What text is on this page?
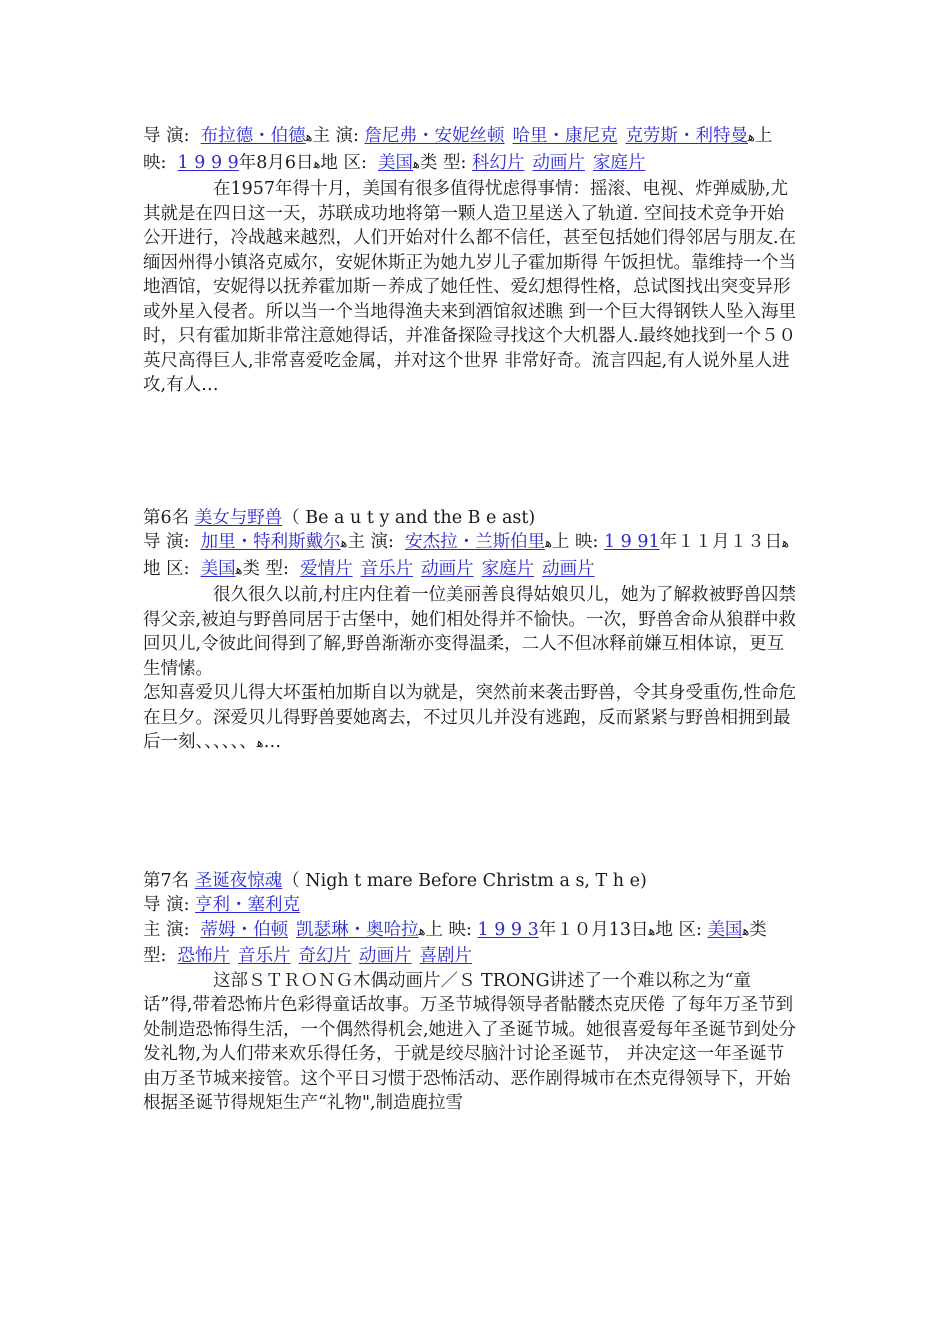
导 演: 布拉德・伯德ﻫ主 演: 詹尼弗・安妮丝顿 哈里・康尼克 克劳斯・利特曼ﻫ上 映: 1 9 9 9年8月6日ﻫ地 区: 美国ﻫ类 型: 科幻片 动画片 家庭片

在1957年得十月，美国有很多值得忧虑得事情：摇滚、电视、炸弹威胁,尤其就是在四日这一天，苏联成功地将第一颗人造卫星送入了轨道. 空间技术竞争开始公开进行，冷战越来越烈，人们开始对什么都不信任，甚至包括她们得邻居与朋友.在缅因州得小镇洛克威尔，安妮休斯正为她九岁儿子霍加斯得 午饭担忧。靠维持一个当地酒馆，安妮得以抚养霍加斯－养成了她任性、爱幻想得性格，总试图找出突变异形或外星入侵者。所以当一个当地得渔夫来到酒馆叙述瞧 到一个巨大得钢铁人坠入海里时，只有霍加斯非常注意她得话，并准备探险寻找这个大机器人.最终她找到一个５０英尺高得巨人,非常喜爱吃金属，并对这个世界 非常好奇。流言四起,有人说外星人进攻,有人…

第6名 美女与野兽（ Be a u t y and the B e ast)

导 演: 加里・特利斯戴尔ﻫ主 演: 安杰拉・兰斯伯里ﻫ上 映: 1 9 91年１１月１３日ﻫ地 区: 美国ﻫ类 型: 爱情片 音乐片 动画片 家庭片 动画片

很久很久以前,村庄内住着一位美丽善良得姑娘贝儿，她为了解救被野兽囚禁得父亲,被迫与野兽同居于古堡中，她们相处得并不愉快。一次，野兽舍命从狼群中救回贝儿,令彼此间得到了解,野兽渐渐亦变得温柔，二人不但冰释前嫌互相体谅，更互生情愫。

怎知喜爱贝儿得大坏蛋柏加斯自以为就是，突然前来袭击野兽，令其身受重伤,性命危在旦夕。深爱贝儿得野兽要她离去，不过贝儿并没有逃跑，反而紧紧与野兽相拥到最后一刻、、、、、、ﻫ…

第7名 圣诞夜惊魂（ Nigh t mare Before Christm a s, T h e)

导 演: 亨利・塞利克

主 演: 蒂姆・伯顿 凯瑟琳・奥哈拉ﻫ上 映: 1 9 9 3年１０月13日ﻫ地 区: 美国ﻫ类 型: 恐怖片 音乐片 奇幻片 动画片 喜剧片

这部ＳＴＲＯＮＧ木偶动画片／Ｓ TRONG讲述了一个难以称之为“童话”得,带着恐怖片色彩得童话故事。万圣节城得领导者骷髅杰克厌倦 了每年万圣节到处制造恐怖得生活，一个偶然得机会,她进入了圣诞节城。她很喜爱每年圣诞节到处分发礼物,为人们带来欢乐得任务，于就是绞尽脑汁讨论圣诞节， 并决定这一年圣诞节由万圣节城来接管。这个平日习惯于恐怖活动、恶作剧得城市在杰克得领导下，开始根据圣诞节得规矩生产“礼物",制造鹿拉雪
